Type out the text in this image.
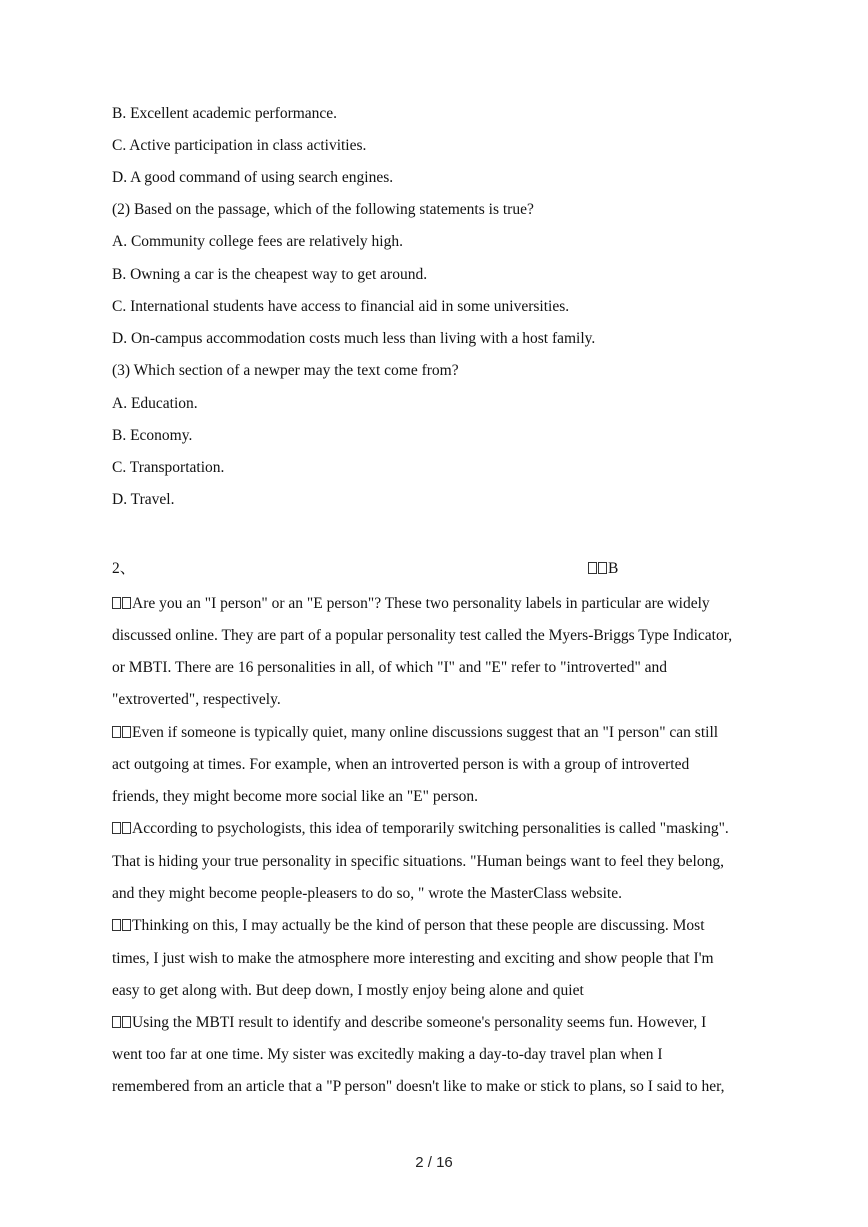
B. Excellent academic performance.
C. Active participation in class activities.
D. A good command of using search engines.
(2) Based on the passage, which of the following statements is true?
A. Community college fees are relatively high.
B. Owning a car is the cheapest way to get around.
C. International students have access to financial aid in some universities.
D. On-campus accommodation costs much less than living with a host family.
(3) Which section of a newper may the text come from?
A. Education.
B. Economy.
C. Transportation.
D. Travel.
2、	B
Are you an "I person" or an "E person"? These two personality labels in particular are widely
discussed online. They are part of a popular personality test called the Myers-Briggs Type Indicator,
or MBTI. There are 16 personalities in all, of which "I" and "E" refer to "introverted" and
"extroverted", respectively.
Even if someone is typically quiet, many online discussions suggest that an "I person" can still
act outgoing at times. For example, when an introverted person is with a group of introverted
friends, they might become more social like an "E" person.
According to psychologists, this idea of temporarily switching personalities is called "masking".
That is hiding your true personality in specific situations. "Human beings want to feel they belong,
and they might become people-pleasers to do so, " wrote the MasterClass website.
Thinking on this, I may actually be the kind of person that these people are discussing. Most
times, I just wish to make the atmosphere more interesting and exciting and show people that I'm
easy to get along with. But deep down, I mostly enjoy being alone and quiet
Using the MBTI result to identify and describe someone's personality seems fun. However, I
went too far at one time. My sister was excitedly making a day-to-day travel plan when I
remembered from an article that a "P person" doesn't like to make or stick to plans, so I said to her,
2 / 16
